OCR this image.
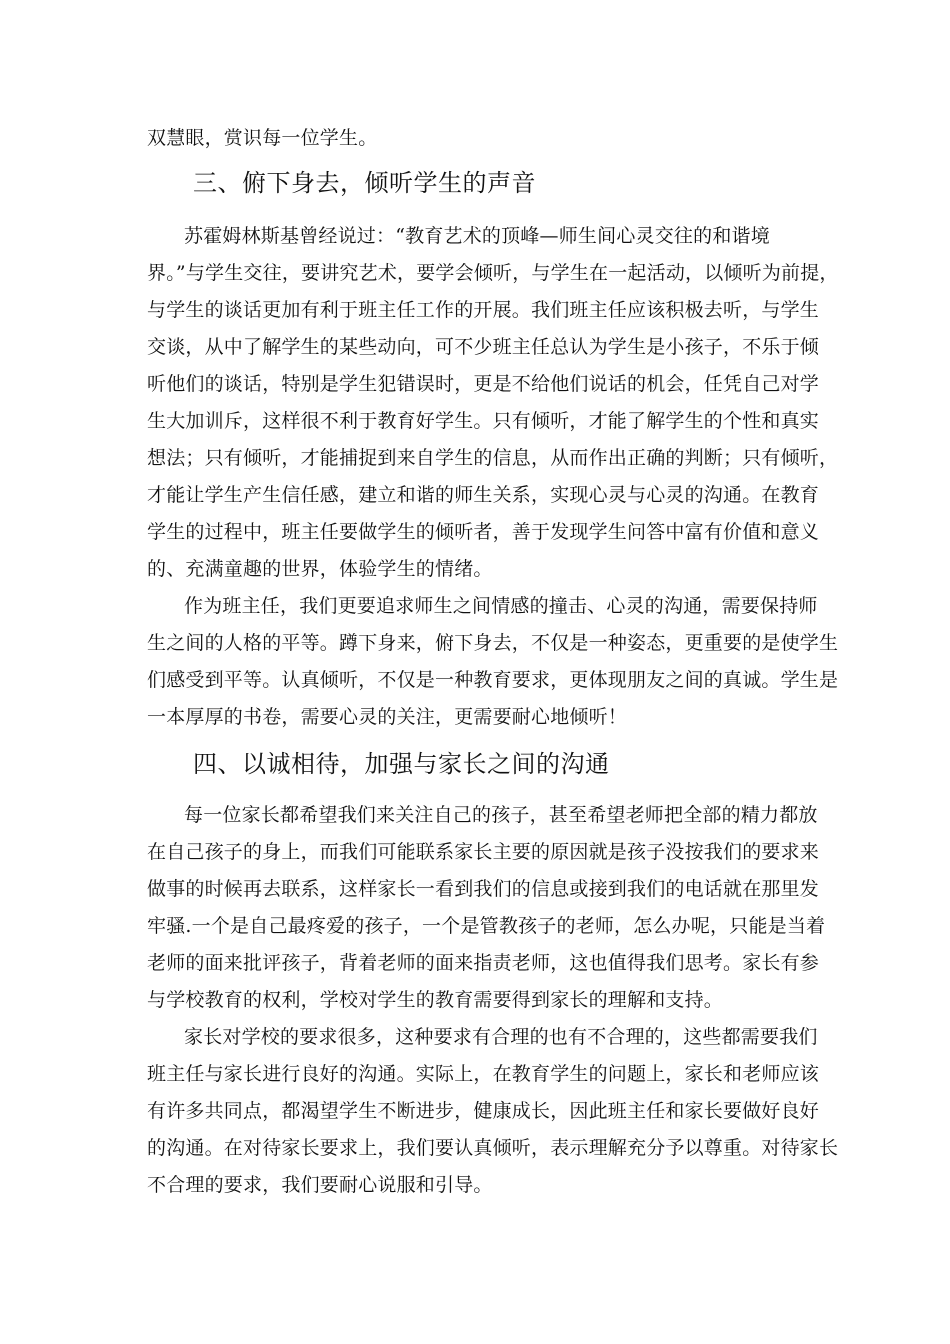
双慧眼，赏识每一位学生。
三、俯下身去，倾听学生的声音
苏霍姆林斯基曾经说过：“教育艺术的顶峰—师生间心灵交往的和谐境
界。”与学生交往，要讲究艺术，要学会倾听，与学生在一起活动，以倾听为前提，
与学生的谈话更加有利于班主任工作的开展。我们班主任应该积极去听，与学生
交谈，从中了解学生的某些动向，可不少班主任总认为学生是小孩子，不乐于倾
听他们的谈话，特别是学生犯错误时，更是不给他们说话的机会，任凭自己对学
生大加训斥，这样很不利于教育好学生。只有倾听，才能了解学生的个性和真实
想法；只有倾听，才能捕捉到来自学生的信息，从而作出正确的判断；只有倾听，
才能让学生产生信任感，建立和谐的师生关系，实现心灵与心灵的沟通。在教育
学生的过程中，班主任要做学生的倾听者，善于发现学生问答中富有价值和意义
的、充满童趣的世界，体验学生的情绪。
作为班主任，我们更要追求师生之间情感的撞击、心灵的沟通，需要保持师
生之间的人格的平等。蹲下身来，俯下身去，不仅是一种姿态，更重要的是使学生
们感受到平等。认真倾听，不仅是一种教育要求，更体现朋友之间的真诚。学生是
一本厚厚的书卷，需要心灵的关注，更需要耐心地倾听！
四、以诚相待，加强与家长之间的沟通
每一位家长都希望我们来关注自己的孩子，甚至希望老师把全部的精力都放
在自己孩子的身上，而我们可能联系家长主要的原因就是孩子没按我们的要求来
做事的时候再去联系，这样家长一看到我们的信息或接到我们的电话就在那里发
牢骚.一个是自己最疼爱的孩子，一个是管教孩子的老师，怎么办呢，只能是当着
老师的面来批评孩子，背着老师的面来指责老师，这也值得我们思考。家长有参
与学校教育的权利，学校对学生的教育需要得到家长的理解和支持。
家长对学校的要求很多，这种要求有合理的也有不合理的，这些都需要我们
班主任与家长进行良好的沟通。实际上，在教育学生的问题上，家长和老师应该
有许多共同点，都渴望学生不断进步，健康成长，因此班主任和家长要做好良好
的沟通。在对待家长要求上，我们要认真倾听，表示理解充分予以尊重。对待家长
不合理的要求，我们要耐心说服和引导。
